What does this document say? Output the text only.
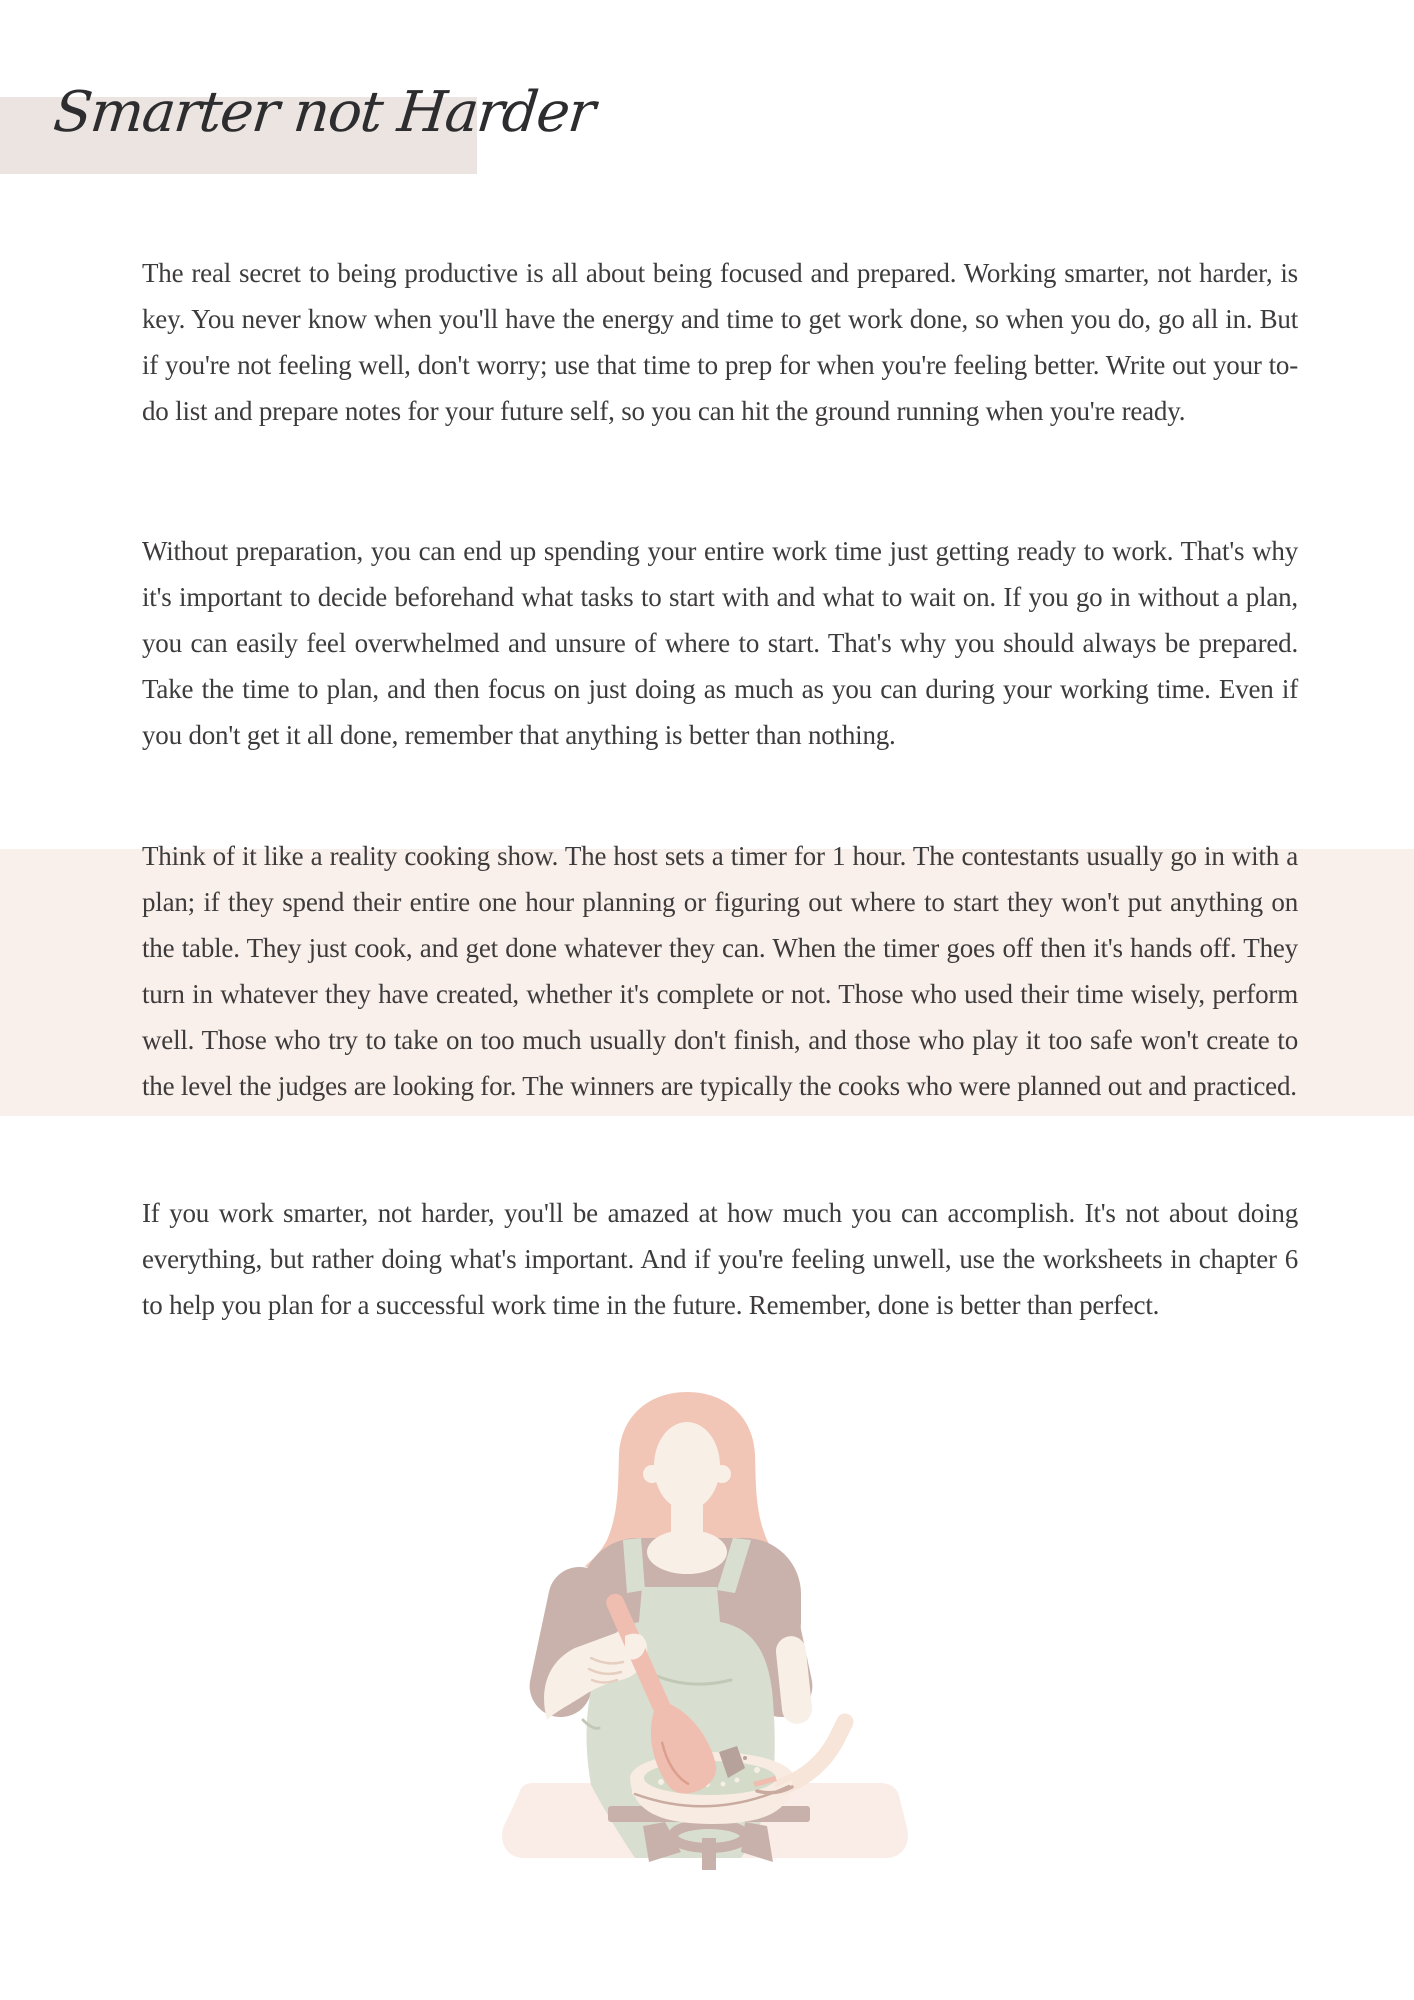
Smarter not Harder
The real secret to being productive is all about being focused and prepared. Working smarter, not harder, is key. You never know when you'll have the energy and time to get work done, so when you do, go all in. But if you're not feeling well, don't worry; use that time to prep for when you're feeling better. Write out your to-do list and prepare notes for your future self, so you can hit the ground running when you're ready.
Without preparation, you can end up spending your entire work time just getting ready to work. That's why it's important to decide beforehand what tasks to start with and what to wait on. If you go in without a plan, you can easily feel overwhelmed and unsure of where to start. That's why you should always be prepared. Take the time to plan, and then focus on just doing as much as you can during your working time. Even if you don't get it all done, remember that anything is better than nothing.
Think of it like a reality cooking show. The host sets a timer for 1 hour. The contestants usually go in with a plan; if they spend their entire one hour planning or figuring out where to start they won't put anything on the table. They just cook, and get done whatever they can. When the timer goes off then it's hands off. They turn in whatever they have created, whether it's complete or not. Those who used their time wisely, perform well. Those who try to take on too much usually don't finish, and those who play it too safe won't create to the level the judges are looking for. The winners are typically the cooks who were planned out and practiced.
If you work smarter, not harder, you'll be amazed at how much you can accomplish. It's not about doing everything, but rather doing what's important. And if you're feeling unwell, use the worksheets in chapter 6 to help you plan for a successful work time in the future. Remember, done is better than perfect.
